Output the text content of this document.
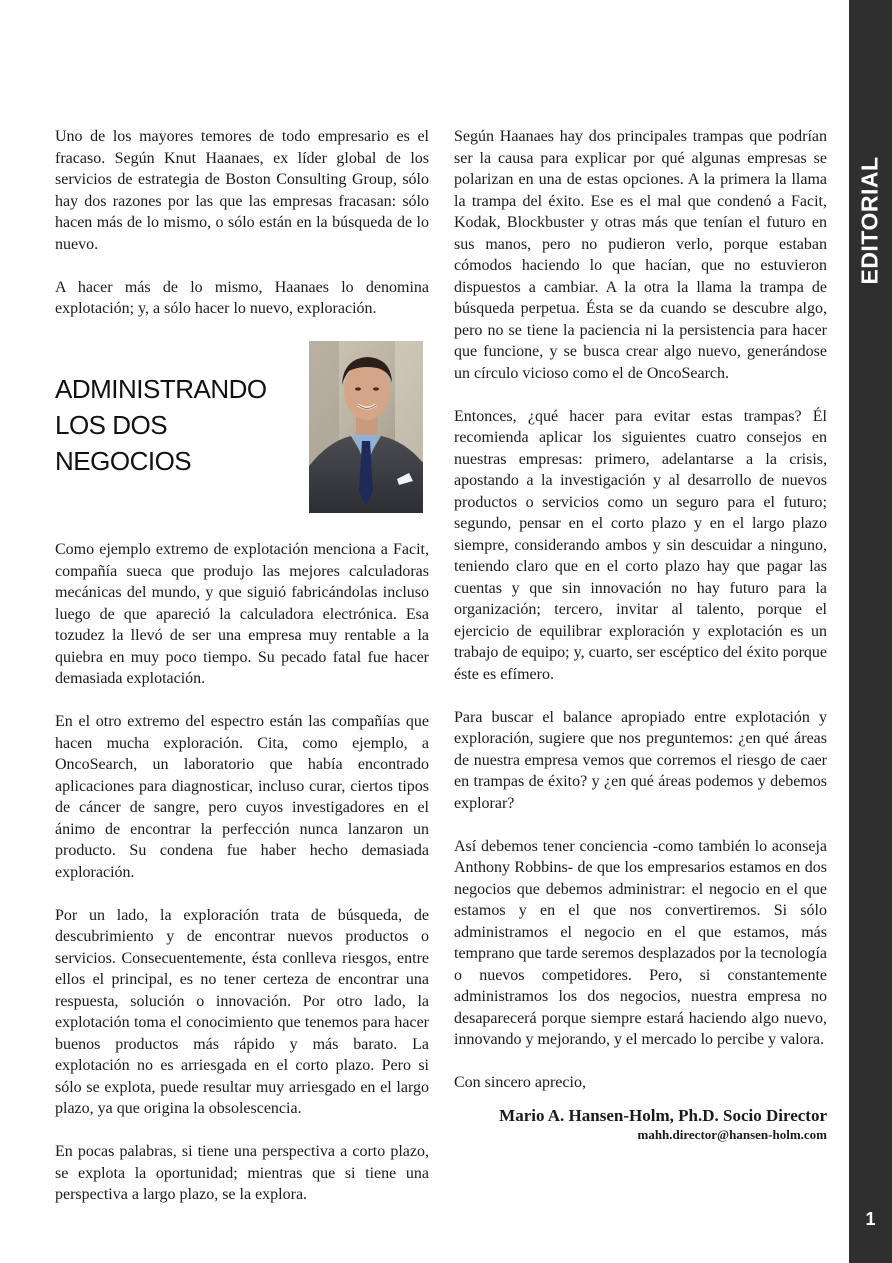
EDITORIAL
1

Uno de los mayores temores de todo empresario es el fracaso. Según Knut Haanaes, ex líder global de los servicios de estrategia de Boston Consulting Group, sólo hay dos razones por las que las empresas fracasan: sólo hacen más de lo mismo, o sólo están en la búsqueda de lo nuevo.

A hacer más de lo mismo, Haanaes lo denomina explotación; y, a sólo hacer lo nuevo, exploración.

ADMINISTRANDO
LOS DOS
NEGOCIOS

Como ejemplo extremo de explotación menciona a Facit, compañía sueca que produjo las mejores calculadoras mecánicas del mundo, y que siguió fabricándolas incluso luego de que apareció la calculadora electrónica. Esa tozudez la llevó de ser una empresa muy rentable a la quiebra en muy poco tiempo. Su pecado fatal fue hacer demasiada explotación.

En el otro extremo del espectro están las compañías que hacen mucha exploración. Cita, como ejemplo, a OncoSearch, un laboratorio que había encontrado aplicaciones para diagnosticar, incluso curar, ciertos tipos de cáncer de sangre, pero cuyos investigadores en el ánimo de encontrar la perfección nunca lanzaron un producto. Su condena fue haber hecho demasiada exploración.

Por un lado, la exploración trata de búsqueda, de descubrimiento y de encontrar nuevos productos o servicios. Consecuentemente, ésta conlleva riesgos, entre ellos el principal, es no tener certeza de encontrar una respuesta, solución o innovación. Por otro lado, la explotación toma el conocimiento que tenemos para hacer buenos productos más rápido y más barato. La explotación no es arriesgada en el corto plazo. Pero si sólo se explota, puede resultar muy arriesgado en el largo plazo, ya que origina la obsolescencia.

En pocas palabras, si tiene una perspectiva a corto plazo, se explota la oportunidad; mientras que si tiene una perspectiva a largo plazo, se la explora.

Según Haanaes hay dos principales trampas que podrían ser la causa para explicar por qué algunas empresas se polarizan en una de estas opciones. A la primera la llama la trampa del éxito. Ese es el mal que condenó a Facit, Kodak, Blockbuster y otras más que tenían el futuro en sus manos, pero no pudieron verlo, porque estaban cómodos haciendo lo que hacían, que no estuvieron dispuestos a cambiar. A la otra la llama la trampa de búsqueda perpetua. Ésta se da cuando se descubre algo, pero no se tiene la paciencia ni la persistencia para hacer que funcione, y se busca crear algo nuevo, generándose un círculo vicioso como el de OncoSearch.

Entonces, ¿qué hacer para evitar estas trampas? Él recomienda aplicar los siguientes cuatro consejos en nuestras empresas: primero, adelantarse a la crisis, apostando a la investigación y al desarrollo de nuevos productos o servicios como un seguro para el futuro; segundo, pensar en el corto plazo y en el largo plazo siempre, considerando ambos y sin descuidar a ninguno, teniendo claro que en el corto plazo hay que pagar las cuentas y que sin innovación no hay futuro para la organización; tercero, invitar al talento, porque el ejercicio de equilibrar exploración y explotación es un trabajo de equipo; y, cuarto, ser escéptico del éxito porque éste es efímero.

Para buscar el balance apropiado entre explotación y exploración, sugiere que nos preguntemos: ¿en qué áreas de nuestra empresa vemos que corremos el riesgo de caer en trampas de éxito? y ¿en qué áreas podemos y debemos explorar?

Así debemos tener conciencia -como también lo aconseja Anthony Robbins- de que los empresarios estamos en dos negocios que debemos administrar: el negocio en el que estamos y en el que nos convertiremos. Si sólo administramos el negocio en el que estamos, más temprano que tarde seremos desplazados por la tecnología o nuevos competidores. Pero, si constantemente administramos los dos negocios, nuestra empresa no desaparecerá porque siempre estará haciendo algo nuevo, innovando y mejorando, y el mercado lo percibe y valora.

Con sincero aprecio,

Mario A. Hansen-Holm, Ph.D. Socio Director

mahh.director@hansen-holm.com
